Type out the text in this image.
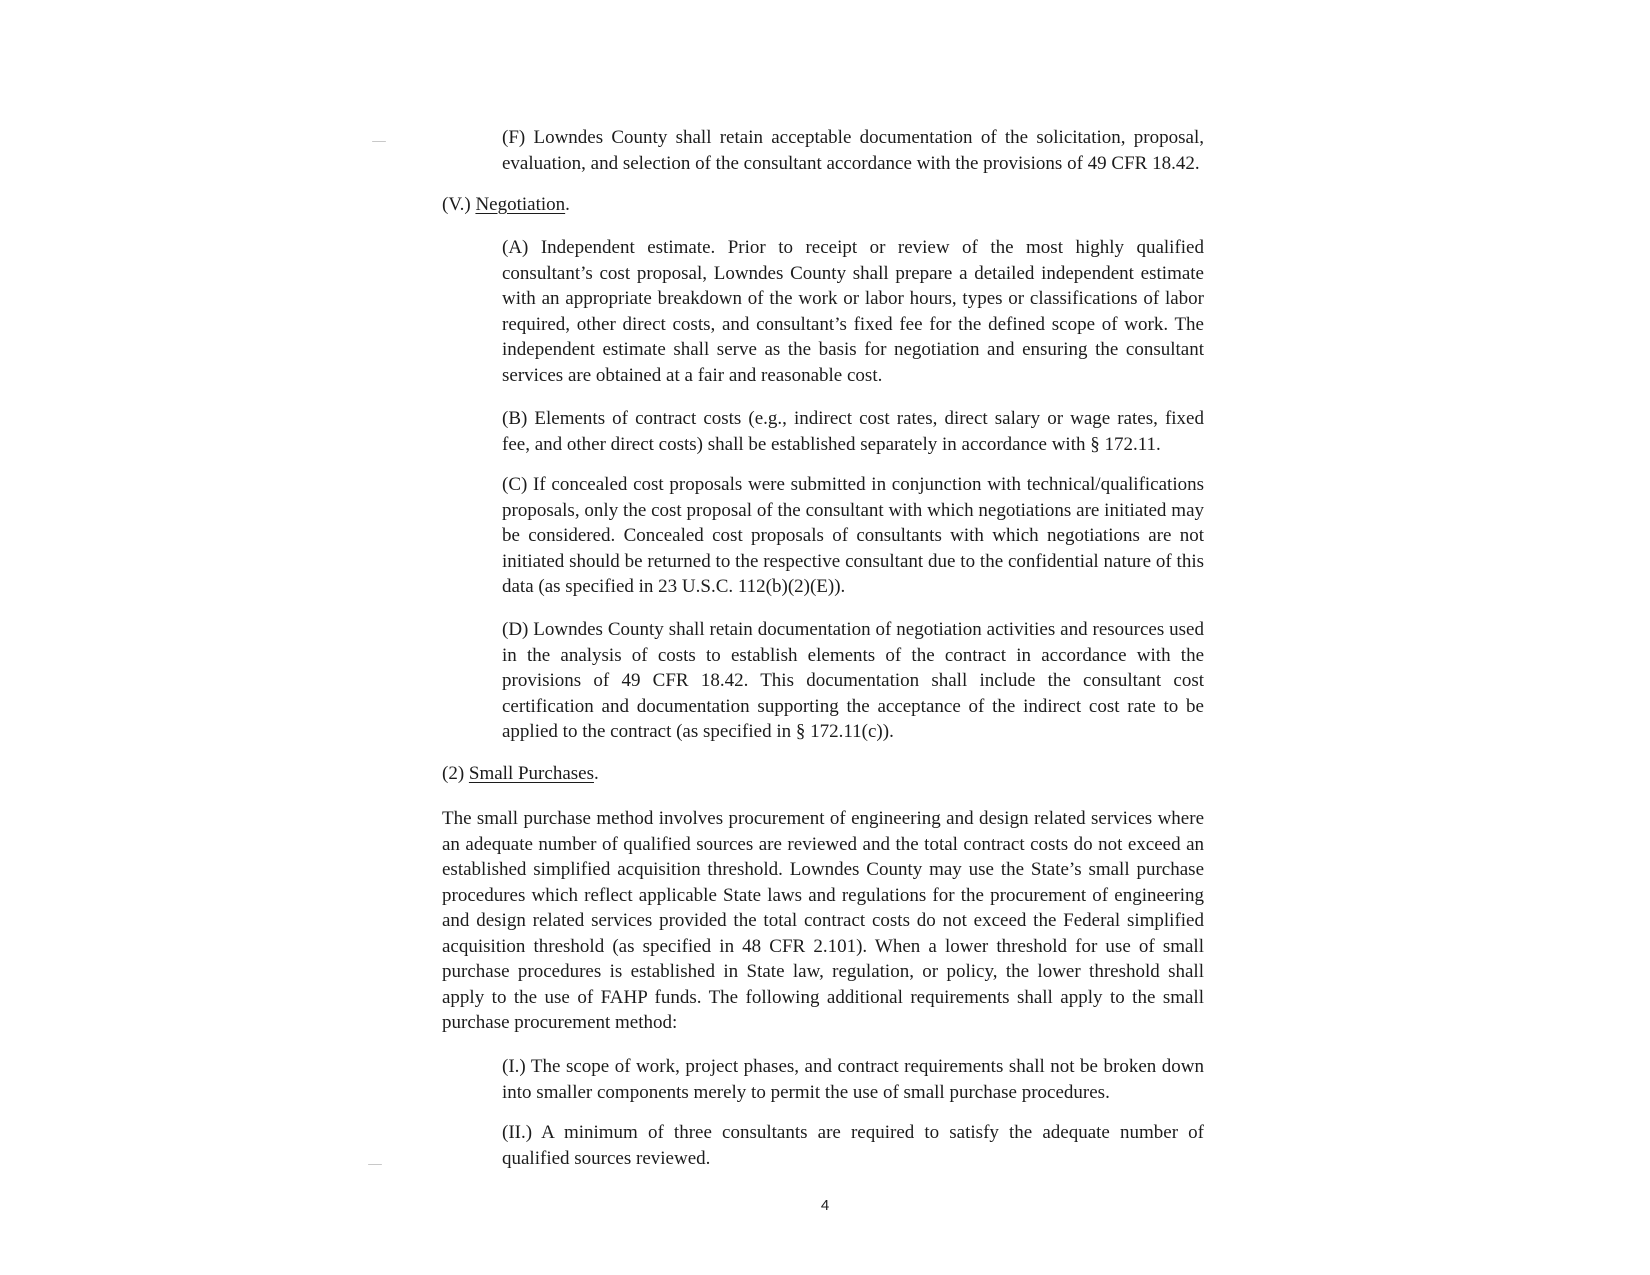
(F) Lowndes County shall retain acceptable documentation of the solicitation, proposal, evaluation, and selection of the consultant accordance with the provisions of 49 CFR 18.42.

(V.) Negotiation.

(A) Independent estimate. Prior to receipt or review of the most highly qualified consultant’s cost proposal, Lowndes County shall prepare a detailed independent estimate with an appropriate breakdown of the work or labor hours, types or classifications of labor required, other direct costs, and consultant’s fixed fee for the defined scope of work. The independent estimate shall serve as the basis for negotiation and ensuring the consultant services are obtained at a fair and reasonable cost.

(B) Elements of contract costs (e.g., indirect cost rates, direct salary or wage rates, fixed fee, and other direct costs) shall be established separately in accordance with § 172.11.

(C) If concealed cost proposals were submitted in conjunction with technical/qualifications proposals, only the cost proposal of the consultant with which negotiations are initiated may be considered. Concealed cost proposals of consultants with which negotiations are not initiated should be returned to the respective consultant due to the confidential nature of this data (as specified in 23 U.S.C. 112(b)(2)(E)).

(D) Lowndes County shall retain documentation of negotiation activities and resources used in the analysis of costs to establish elements of the contract in accordance with the provisions of 49 CFR 18.42. This documentation shall include the consultant cost certification and documentation supporting the acceptance of the indirect cost rate to be applied to the contract (as specified in § 172.11(c)).

(2) Small Purchases.

The small purchase method involves procurement of engineering and design related services where an adequate number of qualified sources are reviewed and the total contract costs do not exceed an established simplified acquisition threshold. Lowndes County may use the State’s small purchase procedures which reflect applicable State laws and regulations for the procurement of engineering and design related services provided the total contract costs do not exceed the Federal simplified acquisition threshold (as specified in 48 CFR 2.101). When a lower threshold for use of small purchase procedures is established in State law, regulation, or policy, the lower threshold shall apply to the use of FAHP funds. The following additional requirements shall apply to the small purchase procurement method:

(I.) The scope of work, project phases, and contract requirements shall not be broken down into smaller components merely to permit the use of small purchase procedures.

(II.) A minimum of three consultants are required to satisfy the adequate number of qualified sources reviewed.

4
